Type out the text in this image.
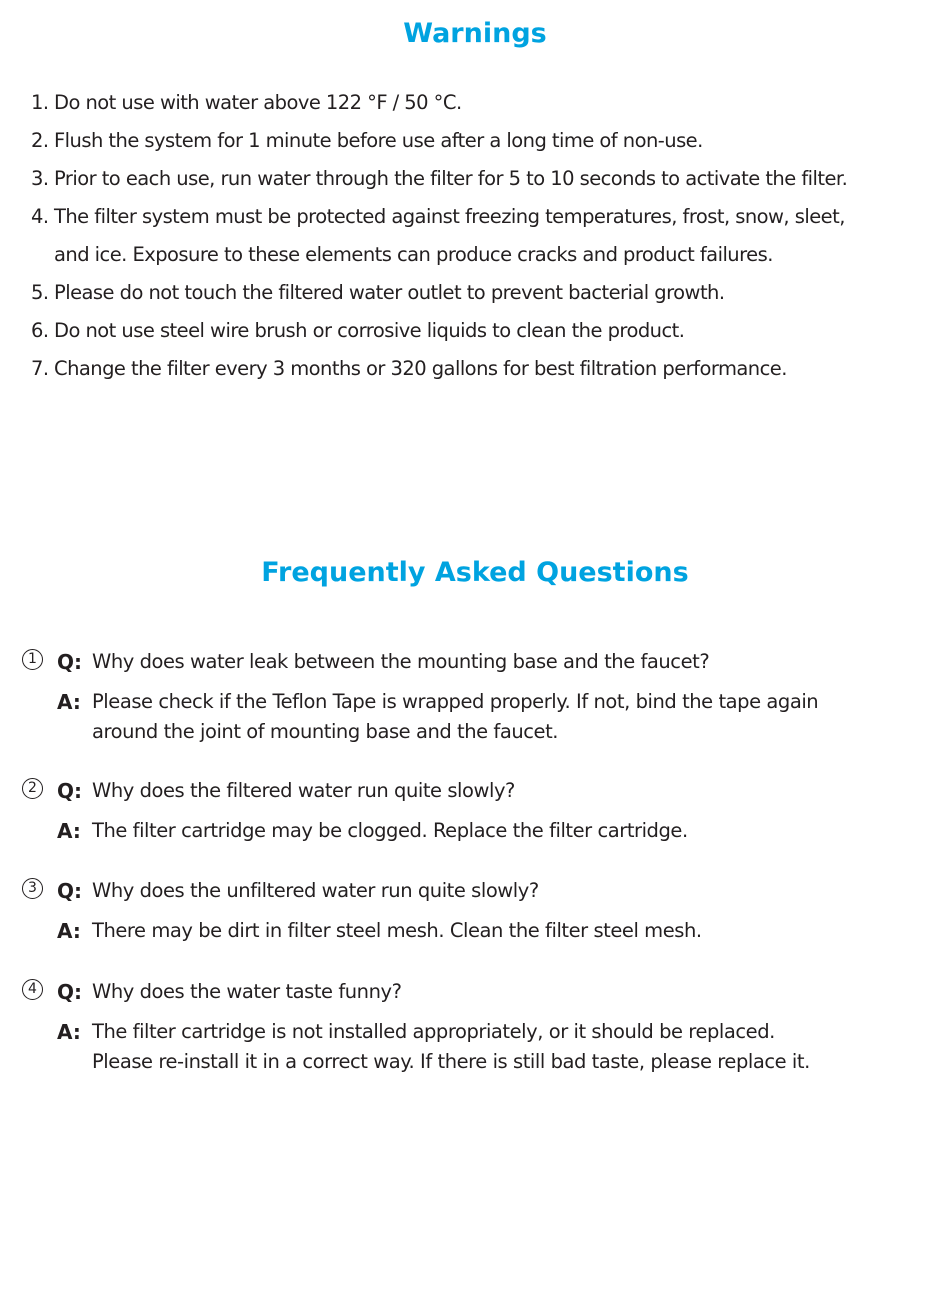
Warnings
1. Do not use with water above 122 °F / 50 °C.
2. Flush the system for 1 minute before use after a long time of non-use.
3. Prior to each use, run water through the filter for 5 to 10 seconds to activate the filter.
4. The filter system must be protected against freezing temperatures, frost, snow, sleet,
and ice. Exposure to these elements can produce cracks and product failures.
5. Please do not touch the filtered water outlet to prevent bacterial growth.
6. Do not use steel wire brush or corrosive liquids to clean the product.
7. Change the filter every 3 months or 320 gallons for best filtration performance.
Frequently Asked Questions
1	Q: Why does water leak between the mounting base and the faucet?
A: Please check if the Teflon Tape is wrapped properly. If not, bind the tape again
around the joint of mounting base and the faucet.
2	Q: Why does the filtered water run quite slowly?
A: The filter cartridge may be clogged. Replace the filter cartridge.
3	Q: Why does the unfiltered water run quite slowly?
A: There may be dirt in filter steel mesh. Clean the filter steel mesh.
4	Q: Why does the water taste funny?
A: The filter cartridge is not installed appropriately, or it should be replaced.
Please re-install it in a correct way. If there is still bad taste, please replace it.
